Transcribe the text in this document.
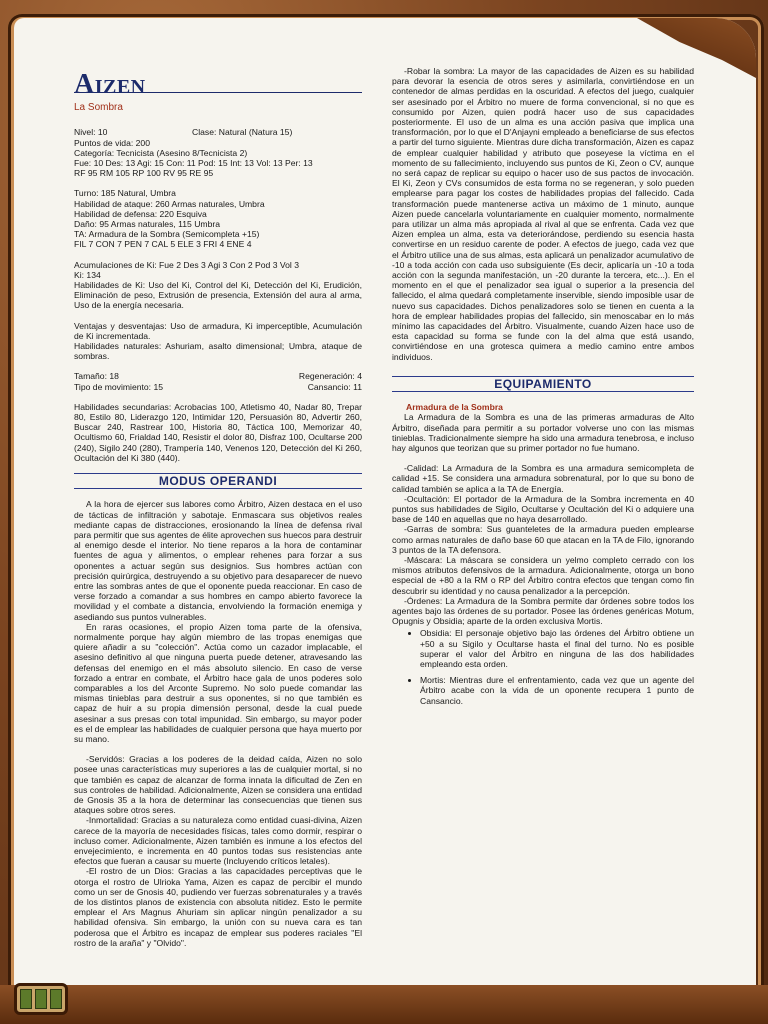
Aizen
La Sombra
Nivel: 10	Clase: Natural (Natura 15)
Puntos de vida: 200
Categoría: Tecnicista (Asesino 8/Tecnicista 2)
Fue: 10 Des: 13 Agi: 15 Con: 11 Pod: 15 Int: 13 Vol: 13 Per: 13
RF 95 RM 105 RP 100 RV 95 RE 95
Turno: 185 Natural, Umbra
Habilidad de ataque: 260 Armas naturales, Umbra
Habilidad de defensa: 220 Esquiva
Daño: 95 Armas naturales, 115 Umbra
TA: Armadura de la Sombra (Semicompleta +15)
FIL 7 CON 7 PEN 7 CAL 5 ELE 3 FRI 4 ENE 4
Acumulaciones de Ki: Fue 2 Des 3 Agi 3 Con 2 Pod 3 Vol 3
Ki: 134
Habilidades de Ki: Uso del Ki, Control del Ki, Detección del Ki, Erudición, Eliminación de peso, Extrusión de presencia, Extensión del aura al arma, Uso de la energía necesaria.
Ventajas y desventajas: Uso de armadura, Ki imperceptible, Acumulación de Ki incrementada.
Habilidades naturales: Ashuriam, asalto dimensional; Umbra, ataque de sombras.
Tamaño: 18	Regeneración: 4
Tipo de movimiento: 15	Cansancio: 11
Habilidades secundarias: Acrobacias 100, Atletismo 40, Nadar 80, Trepar 80, Estilo 80, Liderazgo 120, Intimidar 120, Persuasión 80, Advertir 260, Buscar 240, Rastrear 100, Historia 80, Táctica 100, Memorizar 40, Ocultismo 60, Frialdad 140, Resistir el dolor 80, Disfraz 100, Ocultarse 200 (240), Sigilo 240 (280), Trampería 140, Venenos 120, Detección del Ki 260, Ocultación del Ki 380 (440).
MODUS OPERANDI

A la hora de ejercer sus labores como Árbitro, Aizen destaca en el uso de tácticas de infiltración y sabotaje. Enmascara sus objetivos reales mediante capas de distracciones, erosionando la línea de defensa rival para permitir que sus agentes de élite aprovechen sus huecos para destruir al enemigo desde el interior. No tiene reparos a la hora de contaminar fuentes de agua y alimentos, o emplear rehenes para forzar a sus oponentes a actuar según sus designios. Sus hombres actúan con precisión quirúrgica, destruyendo a su objetivo para desaparecer de nuevo entre las sombras antes de que el oponente pueda reaccionar. En caso de verse forzado a comandar a sus hombres en campo abierto favorece la movilidad y el combate a distancia, envolviendo la formación enemiga y asediando sus puntos vulnerables.

En raras ocasiones, el propio Aizen toma parte de la ofensiva, normalmente porque hay algún miembro de las tropas enemigas que quiere añadir a su "colección". Actúa como un cazador implacable, el asesino definitivo al que ninguna puerta puede detener, atravesando las defensas del enemigo en el más absoluto silencio. En caso de verse forzado a entrar en combate, el Árbitro hace gala de unos poderes solo comparables a los del Arconte Supremo. No solo puede comandar las mismas tinieblas para destruir a sus oponentes, si no que también es capaz de huir a su propia dimensión personal, desde la cual puede asesinar a sus presas con total impunidad. Sin embargo, su mayor poder es el de emplear las habilidades de cualquier persona que haya muerto por su mano.

-Servidós: Gracias a los poderes de la deidad caída, Aizen no solo posee unas características muy superiores a las de cualquier mortal, si no que también es capaz de alcanzar de forma innata la dificultad de Zen en sus controles de habilidad. Adicionalmente, Aizen se considera una entidad de Gnosis 35 a la hora de determinar las consecuencias que tienen sus ataques sobre otros seres.

-Inmortalidad: Gracias a su naturaleza como entidad cuasi-divina, Aizen carece de la mayoría de necesidades físicas, tales como dormir, respirar o incluso comer. Adicionalmente, Aizen también es inmune a los efectos del envejecimiento, e incrementa en 40 puntos todas sus resistencias ante efectos que fueran a causar su muerte (Incluyendo críticos letales).

-El rostro de un Dios: Gracias a las capacidades perceptivas que le otorga el rostro de Ulrioka Yama, Aizen es capaz de percibir el mundo como un ser de Gnosis 40, pudiendo ver fuerzas sobrenaturales y a través de los distintos planos de existencia con absoluta nitidez. Esto le permite emplear el Ars Magnus Ahuriam sin aplicar ningún penalizador a su habilidad ofensiva. Sin embargo, la unión con su nueva cara es tan poderosa que el Árbitro es incapaz de emplear sus poderes raciales "El rostro de la araña" y "Olvido".

-Robar la sombra: La mayor de las capacidades de Aizen es su habilidad para devorar la esencia de otros seres y asimilarla, convirtiéndose en un contenedor de almas perdidas en la oscuridad. A efectos del juego, cualquier ser asesinado por el Árbitro no muere de forma convencional, si no que es consumido por Aizen, quien podrá hacer uso de sus capacidades posteriormente. El uso de un alma es una acción pasiva que implica una transformación, por lo que el D'Anjayni empleado a beneficiarse de sus efectos a partir del turno siguiente. Mientras dure dicha transformación, Aizen es capaz de emplear cualquier habilidad y atributo que poseyese la víctima en el momento de su fallecimiento, incluyendo sus puntos de Ki, Zeon o CV, aunque no será capaz de replicar su equipo o hacer uso de sus pactos de invocación. El Ki, Zeon y CVs consumidos de esta forma no se regeneran, y solo pueden emplearse para pagar los costes de habilidades propias del fallecido. Cada transformación puede mantenerse activa un máximo de 1 minuto, aunque Aizen puede cancelarla voluntariamente en cualquier momento, normalmente para utilizar un alma más apropiada al rival al que se enfrenta. Cada vez que Aizen emplea un alma, esta va deteriorándose, perdiendo su esencia hasta convertirse en un residuo carente de poder. A efectos de juego, cada vez que el Árbitro utilice una de sus almas, esta aplicará un penalizador acumulativo de -10 a toda acción con cada uso subsiguiente (Es decir, aplicaría un -10 a toda acción con la segunda manifestación, un -20 durante la tercera, etc...). En el momento en el que el penalizador sea igual o superior a la presencia del fallecido, el alma quedará completamente inservible, siendo imposible usar de nuevo sus capacidades. Dichos penalizadores solo se tienen en cuenta a la hora de emplear habilidades propias del fallecido, sin menoscabar en lo más mínimo las capacidades del Árbitro. Visualmente, cuando Aizen hace uso de esta capacidad su forma se funde con la del alma que está usando, convirtiéndose en una grotesca quimera a medio camino entre ambos individuos.

EQUIPAMIENTO
Armadura de la Sombra

La Armadura de la Sombra es una de las primeras armaduras de Alto Árbitro, diseñada para permitir a su portador volverse uno con las mismas tinieblas. Tradicionalmente siempre ha sido una armadura tenebrosa, e incluso hay algunos que teorizan que su primer portador no fue humano.

-Calidad: La Armadura de la Sombra es una armadura semicompleta de calidad +15. Se considera una armadura sobrenatural, por lo que su bono de calidad también se aplica a la TA de Energía.

-Ocultación: El portador de la Armadura de la Sombra incrementa en 40 puntos sus habilidades de Sigilo, Ocultarse y Ocultación del Ki o adquiere una base de 140 en aquellas que no haya desarrollado.

-Garras de sombra: Sus guanteletes de la armadura pueden emplearse como armas naturales de daño base 60 que atacan en la TA de Filo, ignorando 3 puntos de la TA defensora.

-Máscara: La máscara se considera un yelmo completo cerrado con los mismos atributos defensivos de la armadura. Adicionalmente, otorga un bono especial de +80 a la RM o RP del Árbitro contra efectos que tengan como fin descubrir su identidad y no causa penalizador a la percepción.

-Órdenes: La Armadura de la Sombra permite dar órdenes sobre todos los agentes bajo las órdenes de su portador. Posee las órdenes genéricas Motum, Opugnis y Obsidia; aparte de la orden exclusiva Mortis.

• Obsidia: El personaje objetivo bajo las órdenes del Árbitro obtiene un +50 a su Sigilo y Ocultarse hasta el final del turno. No es posible superar el valor del Árbitro en ninguna de las dos habilidades empleando esta orden.
• Mortis: Mientras dure el enfrentamiento, cada vez que un agente del Árbitro acabe con la vida de un oponente recupera 1 punto de Cansancio.
